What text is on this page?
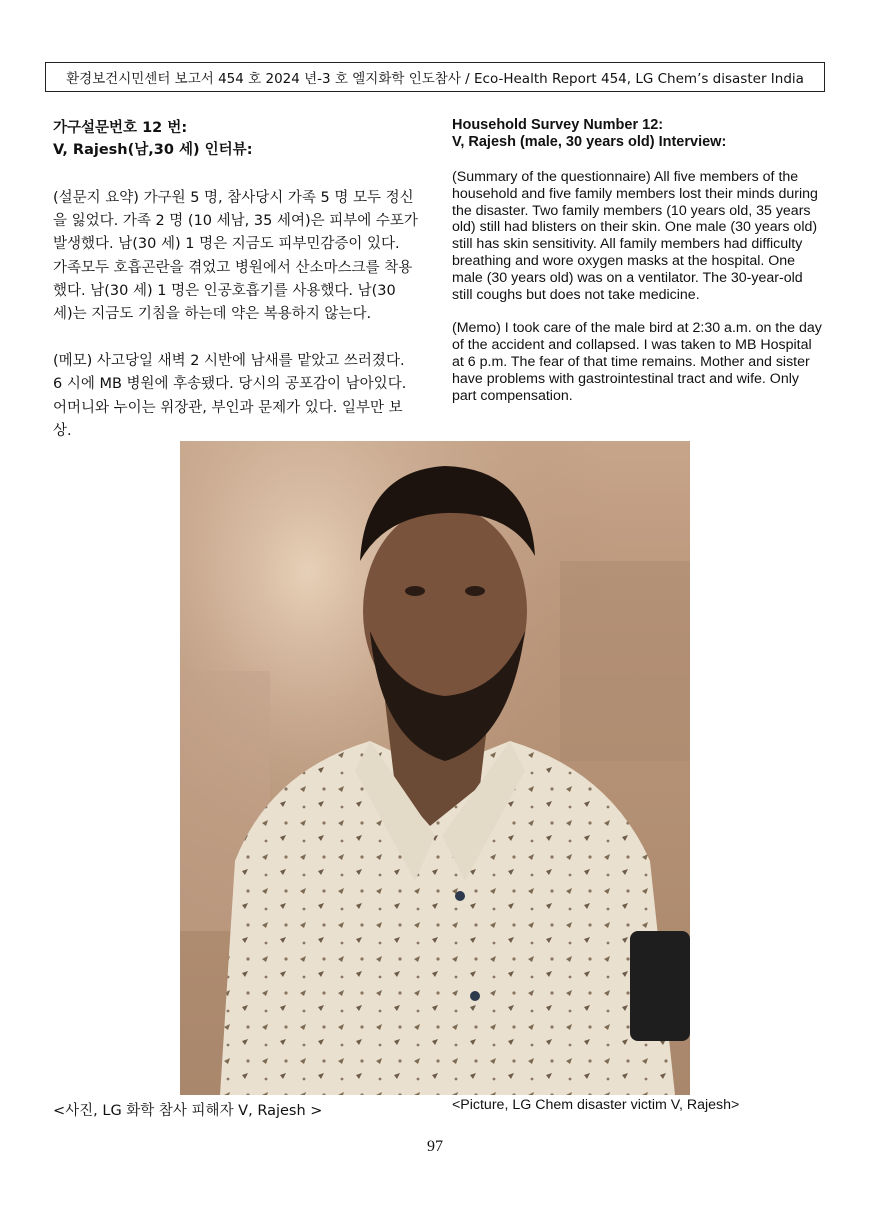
환경보건시민센터 보고서 454 호 2024 년-3 호 엘지화학 인도참사 / Eco-Health Report 454, LG Chem’s disaster India

가구설문번호 12 번:

V, Rajesh(남,30 세) 인터뷰:

(설문지 요약) 가구원 5 명, 참사당시 가족 5 명 모두 정신을 잃었다. 가족 2 명 (10 세남, 35 세여)은 피부에 수포가 발생했다. 남(30 세) 1 명은 지금도 피부민감증이 있다. 가족모두 호흡곤란을 겪었고 병원에서 산소마스크를 착용했다. 남(30 세) 1 명은 인공호흡기를 사용했다. 남(30 세)는 지금도 기침을 하는데 약은 복용하지 않는다.

(메모) 사고당일 새벽 2 시반에 남새를 맡았고 쓰러졌다. 6 시에 MB 병원에 후송됐다. 당시의 공포감이 남아있다. 어머니와 누이는 위장관, 부인과 문제가 있다. 일부만 보상.

Household Survey Number 12:

V, Rajesh (male, 30 years old) Interview:

(Summary of the questionnaire) All five members of the household and five family members lost their minds during the disaster. Two family members (10 years old, 35 years old) still had blisters on their skin. One male (30 years old) still has skin sensitivity. All family members had difficulty breathing and wore oxygen masks at the hospital. One male (30 years old) was on a ventilator. The 30-year-old still coughs but does not take medicine.

(Memo) I took care of the male bird at 2:30 a.m. on the day of the accident and collapsed. I was taken to MB Hospital at 6 p.m. The fear of that time remains. Mother and sister have problems with gastrointestinal tract and wife. Only part compensation.

<사진, LG 화학 참사 피해자 V, Rajesh >	<Picture, LG Chem disaster victim V, Rajesh>
97
